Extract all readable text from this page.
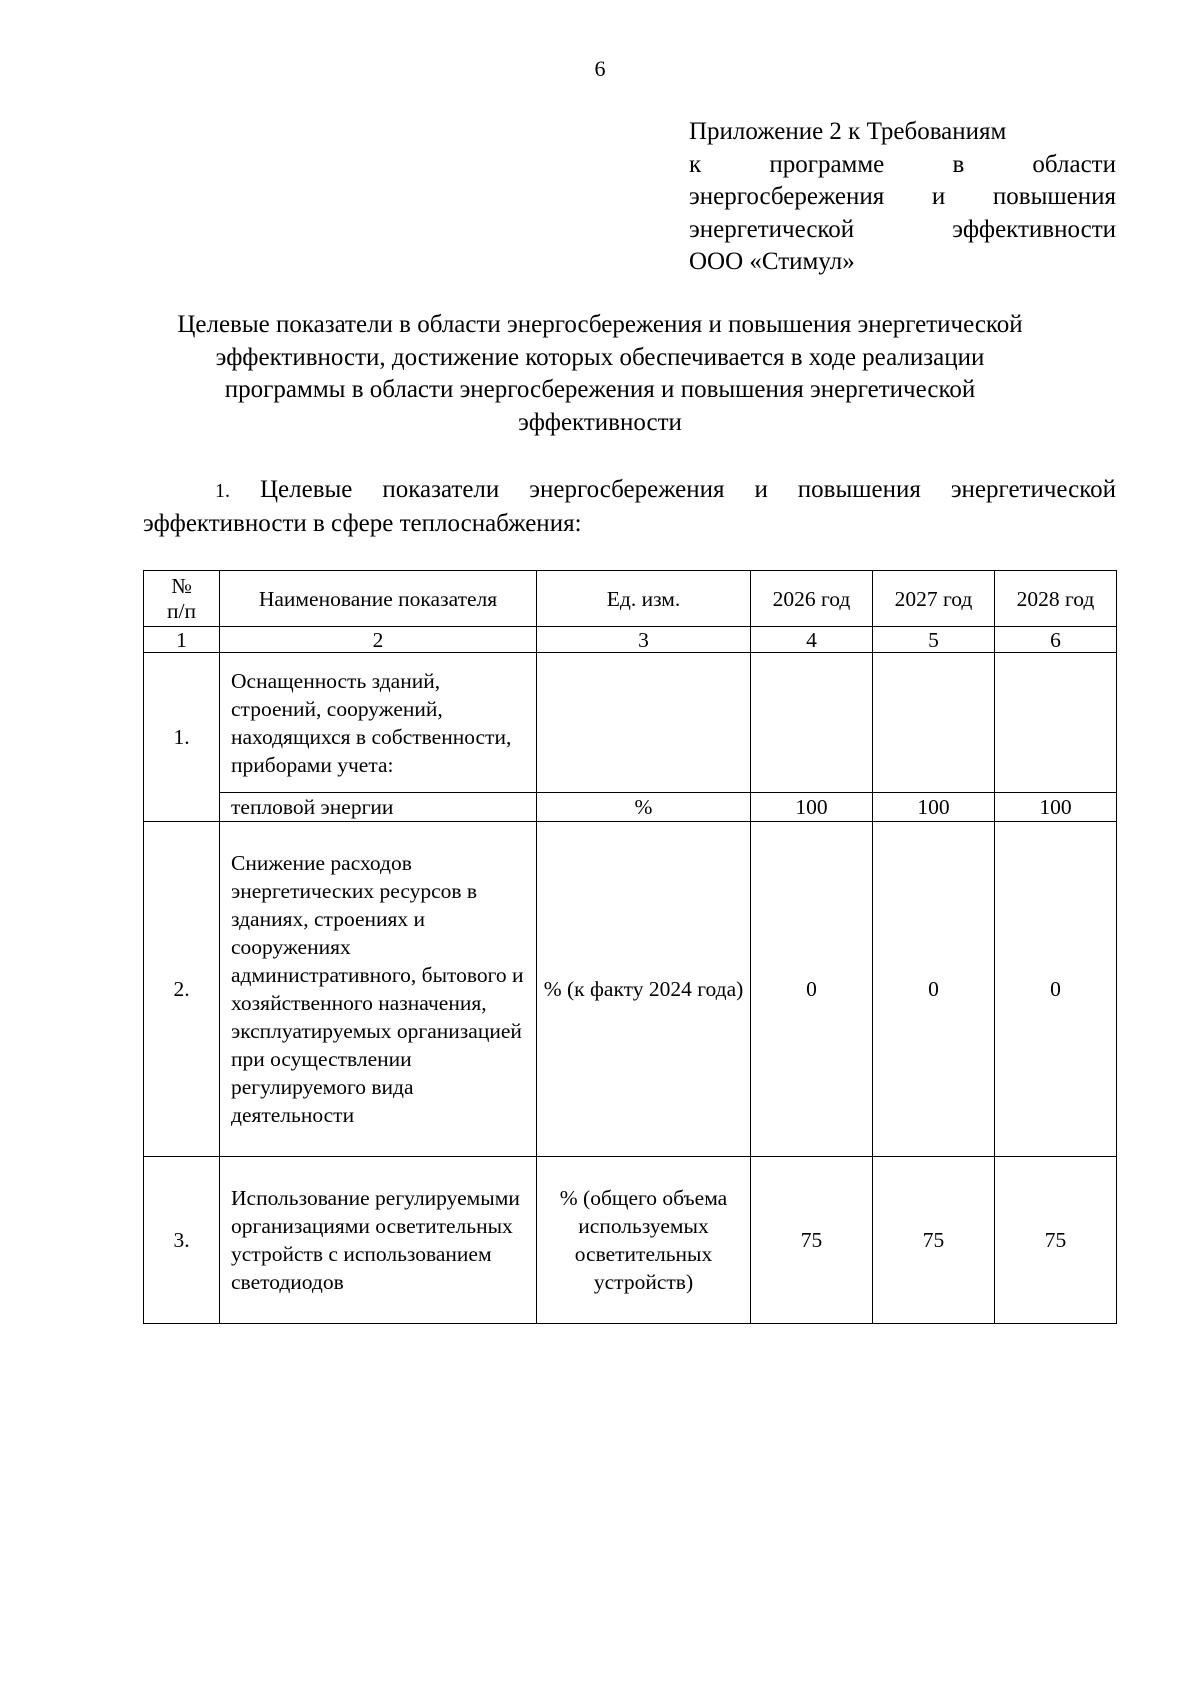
6
Приложение 2 к Требованиям
к программе в области
энергосбережения и повышения
энергетической эффективности
ООО «Стимул»
Целевые показатели в области энергосбережения и повышения энергетической
эффективности, достижение которых обеспечивается в ходе реализации
программы в области энергосбережения и повышения энергетической
эффективности
1. Целевые показатели энергосбережения и повышения энергетической
эффективности в сфере теплоснабжения:
№
п/п	Наименование показателя	Ед. изм.	2026 год	2027 год	2028 год
1	2	3	4	5	6
1.	Оснащенность зданий, строений, сооружений, находящихся в собственности, приборами учета:				
	тепловой энергии	%	100	100	100
2.	Снижение расходов энергетических ресурсов в зданиях, строениях и сооружениях административного, бытового и хозяйственного назначения, эксплуатируемых организацией при осуществлении регулируемого вида деятельности	% (к факту 2024 года)	0	0	0
3.	Использование регулируемыми организациями осветительных устройств с использованием светодиодов	% (общего объема используемых осветительных устройств)	75	75	75
